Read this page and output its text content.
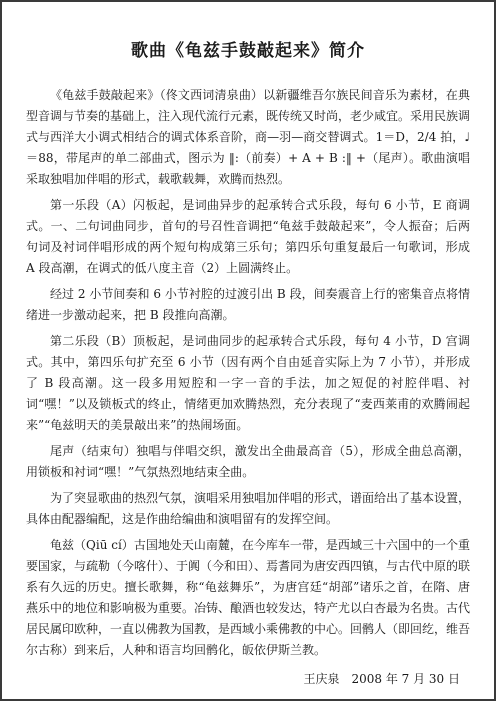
歌曲《龟兹手鼓敲起来》简介

《龟兹手鼓敲起来》（佟文西词清泉曲）以新疆维吾尔族民间音乐为素材，在典型音调与节奏的基础上，注入现代流行元素，既传统又时尚，老少咸宜。采用民族调式与西洋大小调式相结合的调式体系音阶，商—羽—商交替调式。1＝D，2/4 拍，♩＝88，带尾声的单二部曲式，图示为 ‖:（前奏）+ A + B :‖ +（尾声）。歌曲演唱采取独唱加伴唱的形式，载歌载舞，欢腾而热烈。

第一乐段（A）闪板起，是词曲异步的起承转合式乐段，每句 6 小节，E 商调式。一、二句词曲同步，首句的号召性音调把“龟兹手鼓敲起来”，令人振奋；后两句词及衬词伴唱形成的两个短句构成第三乐句；第四乐句重复最后一句歌词，形成 A 段高潮，在调式的低八度主音（2）上圆满终止。

经过 2 小节间奏和 6 小节衬腔的过渡引出 B 段，间奏震音上行的密集音点将情绪进一步激动起来，把 B 段推向高潮。

第二乐段（B）顶板起，是词曲同步的起承转合式乐段，每句 4 小节，D 宫调式。其中，第四乐句扩充至 6 小节（因有两个自由延音实际上为 7 小节），并形成了 B 段高潮。这一段多用短腔和一字一音的手法，加之短促的衬腔伴唱、衬词“嘿！”以及锁板式的终止，情绪更加欢腾热烈，充分表现了“麦西莱甫的欢腾闹起来”“龟兹明天的美景敲出来”的热闹场面。

尾声（结束句）独唱与伴唱交织，激发出全曲最高音（5̇），形成全曲总高潮，用锁板和衬词“嘿！”气氛热烈地结束全曲。

为了突显歌曲的热烈气氛，演唱采用独唱加伴唱的形式，谱面给出了基本设置，具体由配器编配，这是作曲给编曲和演唱留有的发挥空间。

龟兹（Qiū cí）古国地处天山南麓，在今库车一带，是西域三十六国中的一个重要国家，与疏勒（今喀什）、于阗（今和田）、焉耆同为唐安西四镇，与古代中原的联系有久远的历史。擅长歌舞，称“龟兹舞乐”，为唐宫廷“胡部”诸乐之首，在隋、唐燕乐中的地位和影响极为重要。冶铸、酿酒也较发达，特产尤以白杏最为名贵。古代居民属印欧种，一直以佛教为国教，是西域小乘佛教的中心。回鹘人（即回纥，维吾尔古称）到来后，人种和语言均回鹘化，皈依伊斯兰教。

王庆泉　2008 年 7 月 30 日
